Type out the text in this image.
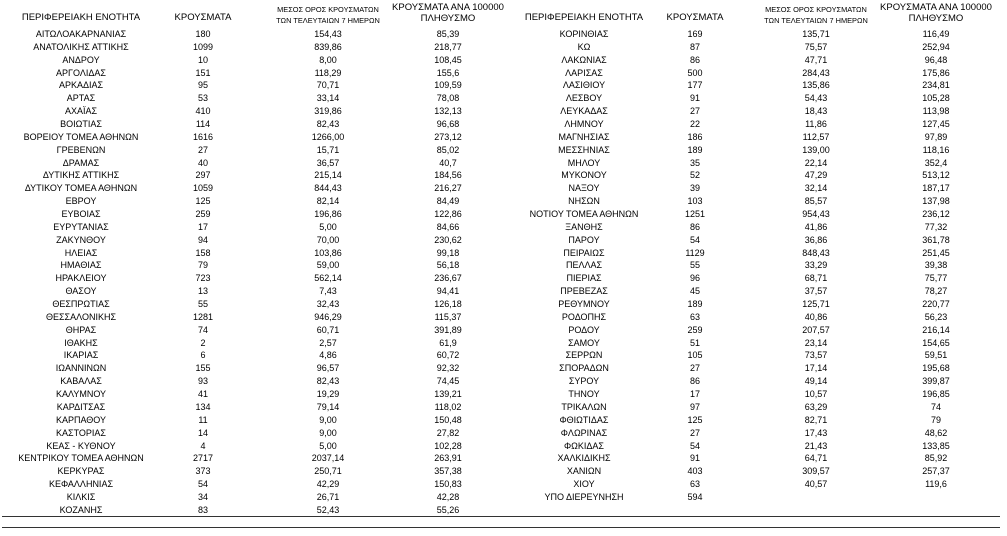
ΠΕΡΙΦΕΡΕΙΑΚΗ ΕΝΟΤΗΤΑ	ΚΡΟΥΣΜΑΤΑ
ΜΕΣΟΣ ΟΡΟΣ ΚΡΟΥΣΜΑΤΩΝ
ΤΩΝ ΤΕΛΕΥΤΑΙΩΝ 7 ΗΜΕΡΩΝ
ΚΡΟΥΣΜΑΤΑ ΑΝΑ 100000
ΠΛΗΘΥΣΜΟ
ΑΙΤΩΛΟΑΚΑΡΝΑΝΙΑΣ	180	154,43	85,39
ΑΝΑΤΟΛΙΚΗΣ ΑΤΤΙΚΗΣ	1099	839,86	218,77
ΑΝΔΡΟΥ	10	8,00	108,45
ΑΡΓΟΛΙΔΑΣ	151	118,29	155,6
ΑΡΚΑΔΙΑΣ	95	70,71	109,59
ΑΡΤΑΣ	53	33,14	78,08
ΑΧΑΪΑΣ	410	319,86	132,13
ΒΟΙΩΤΙΑΣ	114	82,43	96,68
ΒΟΡΕΙΟΥ ΤΟΜΕΑ ΑΘΗΝΩΝ	1616	1266,00	273,12
ΓΡΕΒΕΝΩΝ	27	15,71	85,02
ΔΡΑΜΑΣ	40	36,57	40,7
ΔΥΤΙΚΗΣ ΑΤΤΙΚΗΣ	297	215,14	184,56
ΔΥΤΙΚΟΥ ΤΟΜΕΑ ΑΘΗΝΩΝ	1059	844,43	216,27
ΕΒΡΟΥ	125	82,14	84,49
ΕΥΒΟΙΑΣ	259	196,86	122,86
ΕΥΡΥΤΑΝΙΑΣ	17	5,00	84,66
ΖΑΚΥΝΘΟΥ	94	70,00	230,62
ΗΛΕΙΑΣ	158	103,86	99,18
ΗΜΑΘΙΑΣ	79	59,00	56,18
ΗΡΑΚΛΕΙΟΥ	723	562,14	236,67
ΘΑΣΟΥ	13	7,43	94,41
ΘΕΣΠΡΩΤΙΑΣ	55	32,43	126,18
ΘΕΣΣΑΛΟΝΙΚΗΣ	1281	946,29	115,37
ΘΗΡΑΣ	74	60,71	391,89
ΙΘΑΚΗΣ	2	2,57	61,9
ΙΚΑΡΙΑΣ	6	4,86	60,72
ΙΩΑΝΝΙΝΩΝ	155	96,57	92,32
ΚΑΒΑΛΑΣ	93	82,43	74,45
ΚΑΛΥΜΝΟΥ	41	19,29	139,21
ΚΑΡΔΙΤΣΑΣ	134	79,14	118,02
ΚΑΡΠΑΘΟΥ	11	9,00	150,48
ΚΑΣΤΟΡΙΑΣ	14	9,00	27,82
ΚΕΑΣ - ΚΥΘΝΟΥ	4	5,00	102,28
ΚΕΝΤΡΙΚΟΥ ΤΟΜΕΑ ΑΘΗΝΩΝ	2717	2037,14	263,91
ΚΕΡΚΥΡΑΣ	373	250,71	357,38
ΚΕΦΑΛΛΗΝΙΑΣ	54	42,29	150,83
ΚΙΛΚΙΣ	34	26,71	42,28
ΚΟΖΑΝΗΣ	83	52,43	55,26
ΠΕΡΙΦΕΡΕΙΑΚΗ ΕΝΟΤΗΤΑ	ΚΡΟΥΣΜΑΤΑ
ΜΕΣΟΣ ΟΡΟΣ ΚΡΟΥΣΜΑΤΩΝ
ΤΩΝ ΤΕΛΕΥΤΑΙΩΝ 7 ΗΜΕΡΩΝ
ΚΡΟΥΣΜΑΤΑ ΑΝΑ 100000
ΠΛΗΘΥΣΜΟ
ΚΟΡΙΝΘΙΑΣ	169	135,71	116,49
ΚΩ	87	75,57	252,94
ΛΑΚΩΝΙΑΣ	86	47,71	96,48
ΛΑΡΙΣΑΣ	500	284,43	175,86
ΛΑΣΙΘΙΟΥ	177	135,86	234,81
ΛΕΣΒΟΥ	91	54,43	105,28
ΛΕΥΚΑΔΑΣ	27	18,43	113,98
ΛΗΜΝΟΥ	22	11,86	127,45
ΜΑΓΝΗΣΙΑΣ	186	112,57	97,89
ΜΕΣΣΗΝΙΑΣ	189	139,00	118,16
ΜΗΛΟΥ	35	22,14	352,4
ΜΥΚΟΝΟΥ	52	47,29	513,12
ΝΑΞΟΥ	39	32,14	187,17
ΝΗΣΩΝ	103	85,57	137,98
ΝΟΤΙΟΥ ΤΟΜΕΑ ΑΘΗΝΩΝ	1251	954,43	236,12
ΞΑΝΘΗΣ	86	41,86	77,32
ΠΑΡΟΥ	54	36,86	361,78
ΠΕΙΡΑΙΩΣ	1129	848,43	251,45
ΠΕΛΛΑΣ	55	33,29	39,38
ΠΙΕΡΙΑΣ	96	68,71	75,77
ΠΡΕΒΕΖΑΣ	45	37,57	78,27
ΡΕΘΥΜΝΟΥ	189	125,71	220,77
ΡΟΔΟΠΗΣ	63	40,86	56,23
ΡΟΔΟΥ	259	207,57	216,14
ΣΑΜΟΥ	51	23,14	154,65
ΣΕΡΡΩΝ	105	73,57	59,51
ΣΠΟΡΑΔΩΝ	27	17,14	195,68
ΣΥΡΟΥ	86	49,14	399,87
ΤΗΝΟΥ	17	10,57	196,85
ΤΡΙΚΑΛΩΝ	97	63,29	74
ΦΘΙΩΤΙΔΑΣ	125	82,71	79
ΦΛΩΡΙΝΑΣ	27	17,43	48,62
ΦΩΚΙΔΑΣ	54	21,43	133,85
ΧΑΛΚΙΔΙΚΗΣ	91	64,71	85,92
ΧΑΝΙΩΝ	403	309,57	257,37
ΧΙΟΥ	63	40,57	119,6
ΥΠΟ ΔΙΕΡΕΥΝΗΣΗ	594
